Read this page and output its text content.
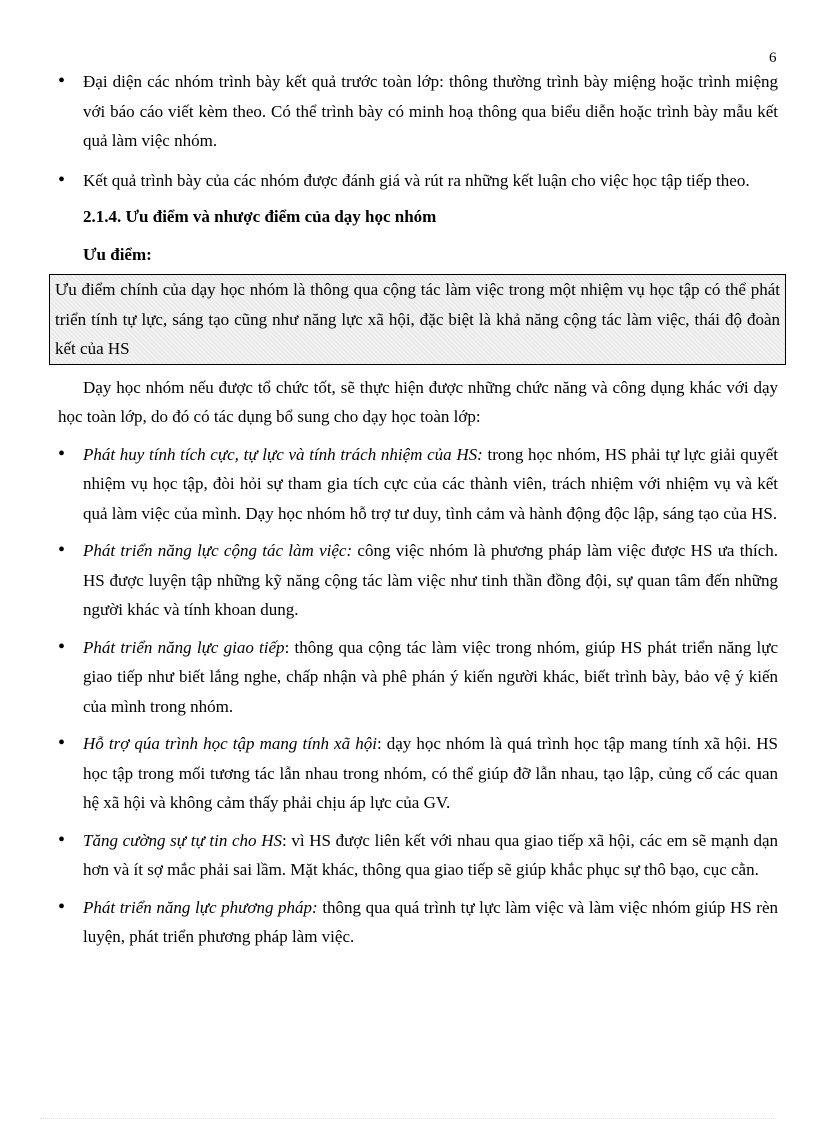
6
• Đại diện các nhóm trình bày kết quả trước toàn lớp: thông thường trình bày miệng hoặc trình miệng với báo cáo viết kèm theo. Có thể trình bày có minh hoạ thông qua biểu diễn hoặc trình bày mẫu kết quả làm việc nhóm.
• Kết quả trình bày của các nhóm được đánh giá và rút ra những kết luận cho việc học tập tiếp theo.

2.1.4. Ưu điểm và nhược điểm của dạy học nhóm

Ưu điểm:

Ưu điểm chính của dạy học nhóm là thông qua cộng tác làm việc trong một nhiệm vụ học tập có thể phát triển tính tự lực, sáng tạo cũng như năng lực xã hội, đặc biệt là khả năng cộng tác làm việc, thái độ đoàn kết của HS

Dạy học nhóm nếu được tổ chức tốt, sẽ thực hiện được những chức năng và công dụng khác với dạy học toàn lớp, do đó có tác dụng bổ sung cho dạy học toàn lớp:

• Phát huy tính tích cực, tự lực và tính trách nhiệm của HS: trong học nhóm, HS phải tự lực giải quyết nhiệm vụ học tập, đòi hỏi sự tham gia tích cực của các thành viên, trách nhiệm với nhiệm vụ và kết quả làm việc của mình. Dạy học nhóm hỗ trợ tư duy, tình cảm và hành động độc lập, sáng tạo của HS.
• Phát triển năng lực cộng tác làm việc: công việc nhóm là phương pháp làm việc được HS ưa thích. HS được luyện tập những kỹ năng cộng tác làm việc như tinh thần đồng đội, sự quan tâm đến những người khác và tính khoan dung.
• Phát triển năng lực giao tiếp: thông qua cộng tác làm việc trong nhóm, giúp HS phát triển năng lực giao tiếp như biết lắng nghe, chấp nhận và phê phán ý kiến người khác, biết trình bày, bảo vệ ý kiến của mình trong nhóm.
• Hỗ trợ qúa trình học tập mang tính xã hội: dạy học nhóm là quá trình học tập mang tính xã hội. HS học tập trong mối tương tác lẫn nhau trong nhóm, có thể giúp đỡ lẫn nhau, tạo lập, củng cố các quan hệ xã hội và không cảm thấy phải chịu áp lực của GV.
• Tăng cường sự tự tin cho HS: vì HS được liên kết với nhau qua giao tiếp xã hội, các em sẽ mạnh dạn hơn và ít sợ mắc phải sai lầm. Mặt khác, thông qua giao tiếp sẽ giúp khắc phục sự thô bạo, cục cằn.
• Phát triển năng lực phương pháp: thông qua quá trình tự lực làm việc và làm việc nhóm giúp HS rèn luyện, phát triển phương pháp làm việc.
